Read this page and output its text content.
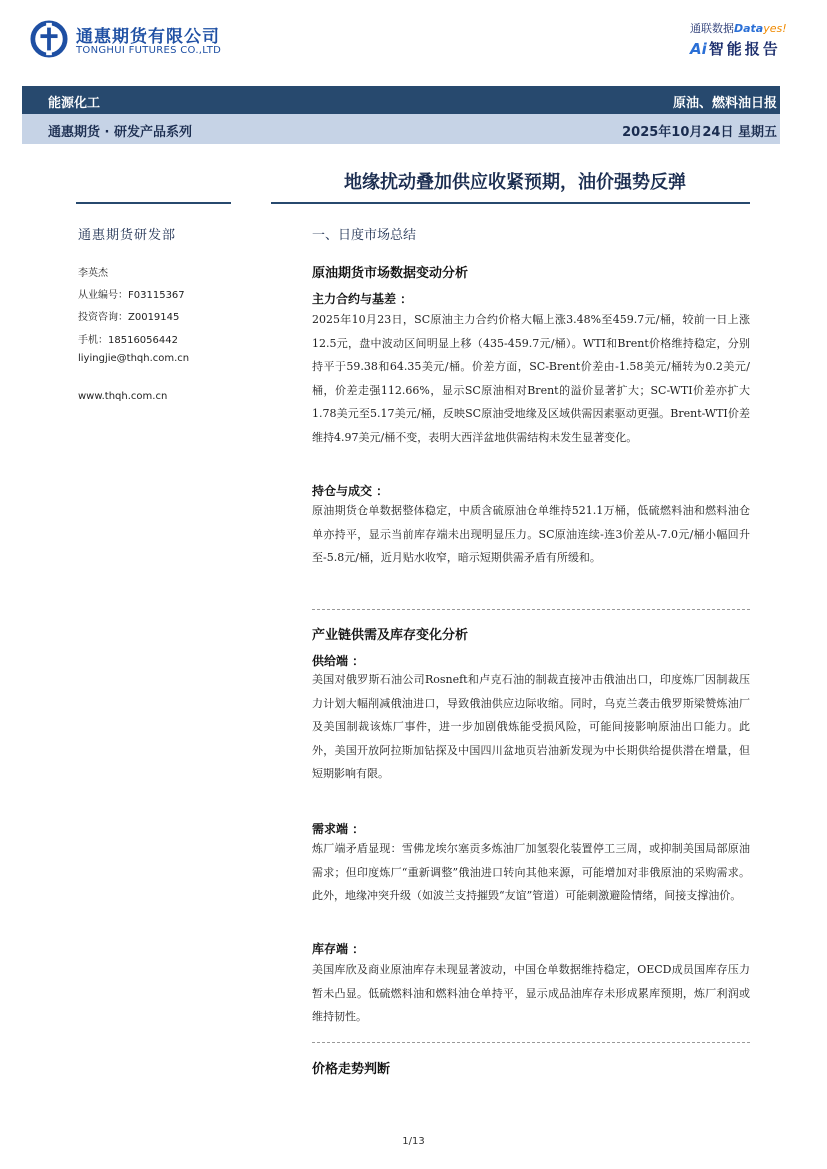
通惠期货有限公司
TONGHUI FUTURES CO.,LTD
通联数据Datayes!
Ai 智能报告
能源化工	原油、燃料油日报
通惠期货 · 研发产品系列	2025年10月24日 星期五
地缘扰动叠加供应收紧预期，油价强势反弹
通惠期货研发部
李英杰
从业编号：F03115367
投资咨询：Z0019145
手机：18516056442
liyingjie@thqh.com.cn
www.thqh.com.cn
一、日度市场总结
原油期货市场数据变动分析
主力合约与基差 ：
2025年10月23日，SC原油主力合约价格大幅上涨3.48%至459.7元/桶，较前一日上涨12.5元，盘中波动区间明显上移（435-459.7元/桶）。WTI和Brent价格维持稳定，分别持平于59.38和64.35美元/桶。价差方面，SC-Brent价差由-1.58美元/桶转为0.2美元/桶，价差走强112.66%，显示SC原油相对Brent的溢价显著扩大；SC-WTI价差亦扩大1.78美元至5.17美元/桶，反映SC原油受地缘及区域供需因素驱动更强。Brent-WTI价差维持4.97美元/桶不变，表明大西洋盆地供需结构未发生显著变化。
持仓与成交 ：
原油期货仓单数据整体稳定，中质含硫原油仓单维持521.1万桶，低硫燃料油和燃料油仓单亦持平，显示当前库存端未出现明显压力。SC原油连续-连3价差从-7.0元/桶小幅回升至-5.8元/桶，近月贴水收窄，暗示短期供需矛盾有所缓和。
产业链供需及库存变化分析
供给端 ：
美国对俄罗斯石油公司Rosneft和卢克石油的制裁直接冲击俄油出口，印度炼厂因制裁压力计划大幅削减俄油进口，导致俄油供应边际收缩。同时，乌克兰袭击俄罗斯梁赞炼油厂及美国制裁该炼厂事件，进一步加剧俄炼能受损风险，可能间接影响原油出口能力。此外，美国开放阿拉斯加钻探及中国四川盆地页岩油新发现为中长期供给提供潜在增量，但短期影响有限。
需求端 ：
炼厂端矛盾显现：雪佛龙埃尔塞贡多炼油厂加氢裂化装置停工三周，或抑制美国局部原油需求；但印度炼厂“重新调整”俄油进口转向其他来源，可能增加对非俄原油的采购需求。此外，地缘冲突升级（如波兰支持摧毁“友谊”管道）可能刺激避险情绪，间接支撑油价。
库存端 ：
美国库欣及商业原油库存未现显著波动，中国仓单数据维持稳定，OECD成员国库存压力暂未凸显。低硫燃料油和燃料油仓单持平，显示成品油库存未形成累库预期，炼厂利润或维持韧性。
价格走势判断
1/13
